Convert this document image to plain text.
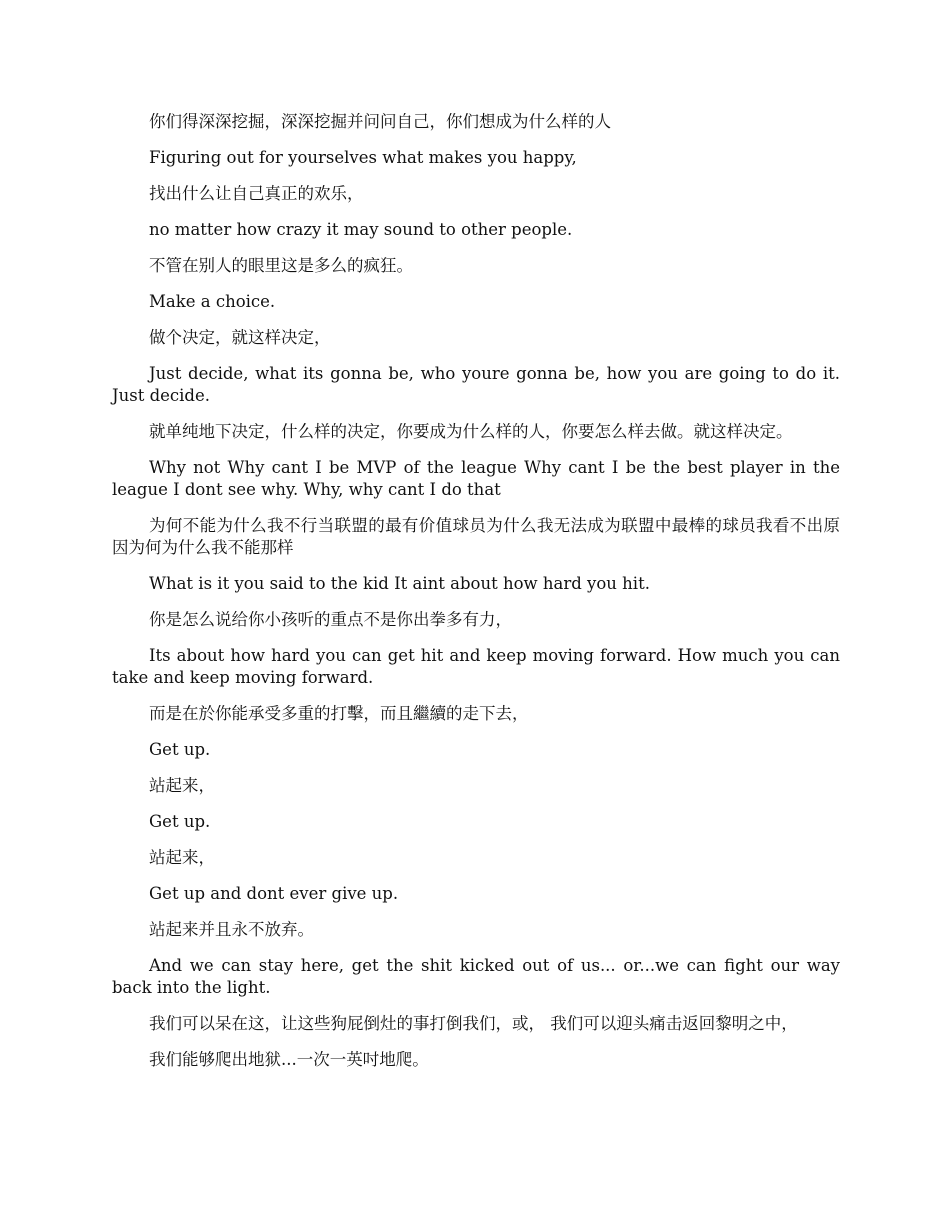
你们得深深挖掘，深深挖掘并问问自己，你们想成为什么样的人

Figuring out for yourselves what makes you happy,

找出什么让自己真正的欢乐，

no matter how crazy it may sound to other people.

不管在别人的眼里这是多么的疯狂。

Make a choice.

做个决定，就这样决定，

Just decide, what its gonna be, who youre gonna be, how you are going to do it. Just decide.

就单纯地下决定，什么样的决定，你要成为什么样的人，你要怎么样去做。就这样决定。

Why not Why cant I be MVP of the league Why cant I be the best player in the league I dont see why. Why, why cant I do that

为何不能为什么我不行当联盟的最有价值球员为什么我无法成为联盟中最棒的球员我看不出原因为何为什么我不能那样

What is it you said to the kid It aint about how hard you hit.

你是怎么说给你小孩听的重点不是你出拳多有力，

Its about how hard you can get hit and keep moving forward. How much you can take and keep moving forward.

而是在於你能承受多重的打擊，而且繼續的走下去，

Get up.

站起来，

Get up.

站起来，

Get up and dont ever give up.

站起来并且永不放弃。

And we can stay here, get the shit kicked out of us... or...we can fight our way back into the light.

我们可以呆在这，让这些狗屁倒灶的事打倒我们，或， 我们可以迎头痛击返回黎明之中，

我们能够爬出地狱...一次一英吋地爬。
